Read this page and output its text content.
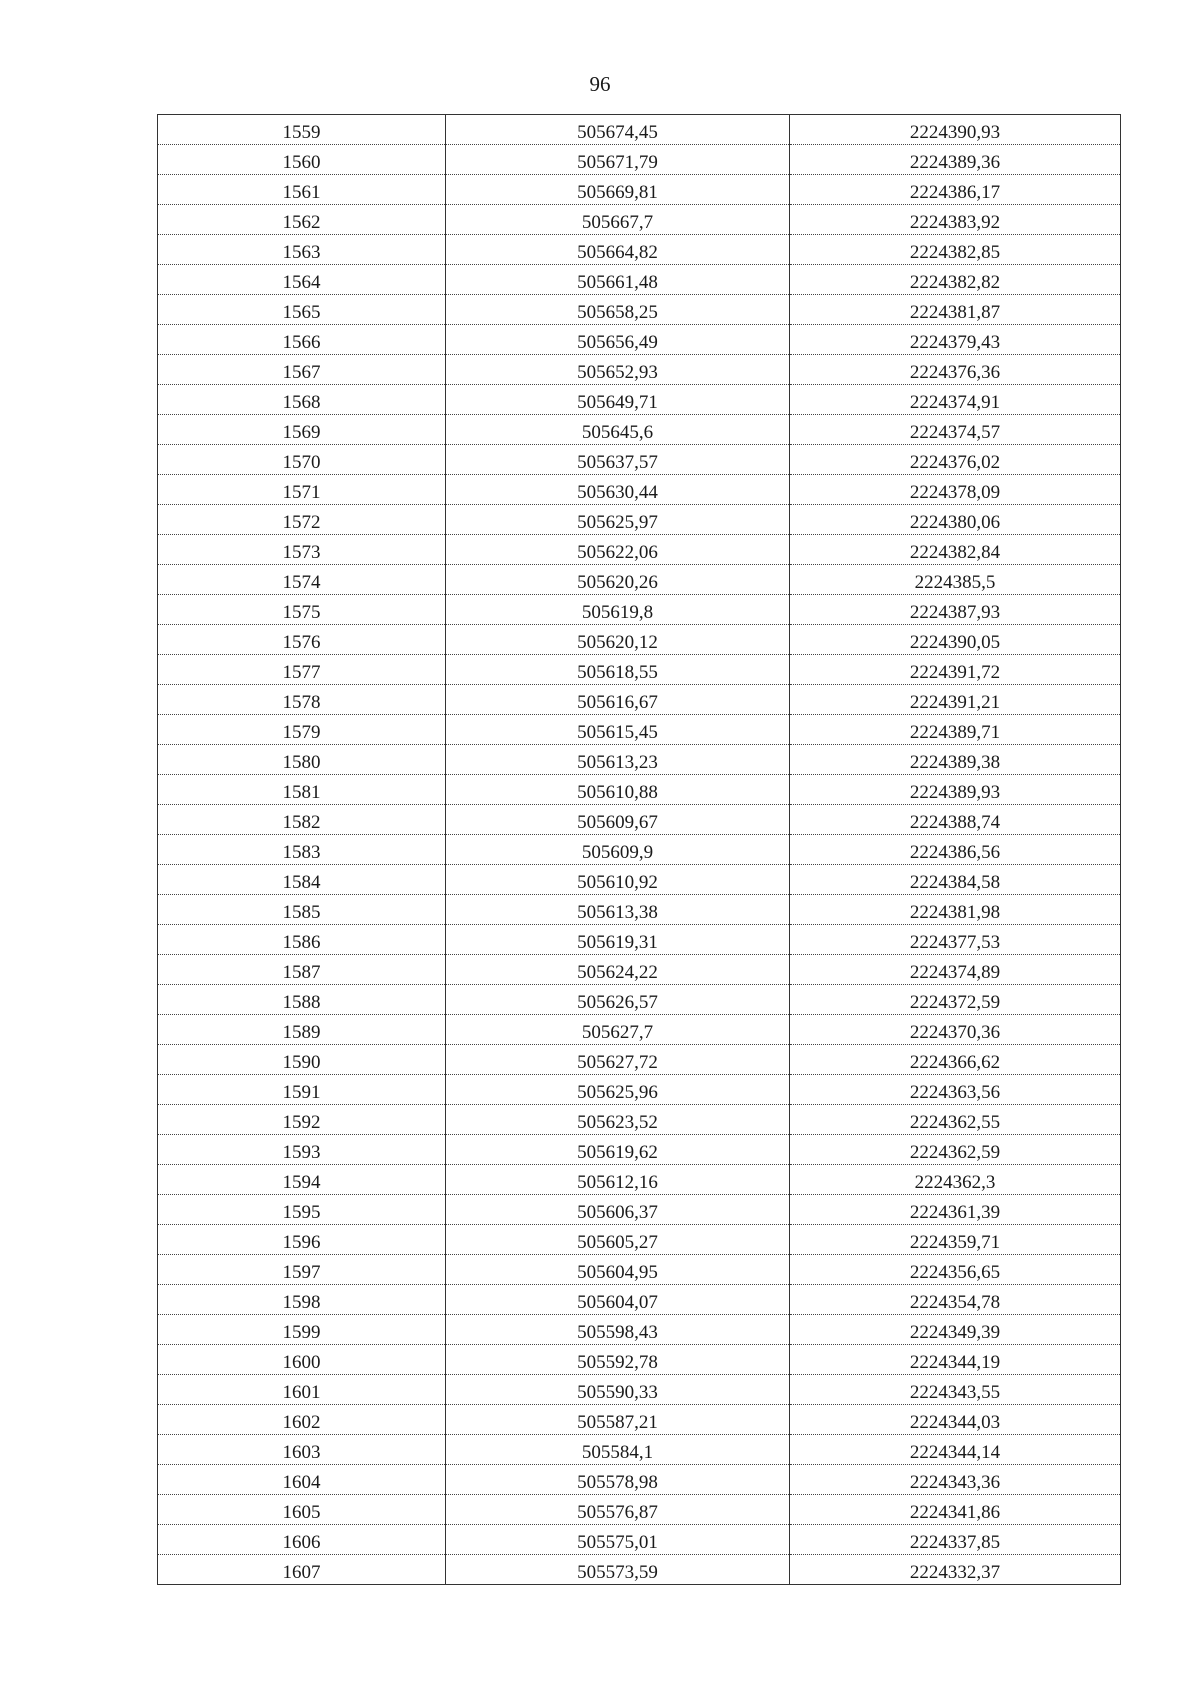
96
1559	505674,45	2224390,93
1560	505671,79	2224389,36
1561	505669,81	2224386,17
1562	505667,7	2224383,92
1563	505664,82	2224382,85
1564	505661,48	2224382,82
1565	505658,25	2224381,87
1566	505656,49	2224379,43
1567	505652,93	2224376,36
1568	505649,71	2224374,91
1569	505645,6	2224374,57
1570	505637,57	2224376,02
1571	505630,44	2224378,09
1572	505625,97	2224380,06
1573	505622,06	2224382,84
1574	505620,26	2224385,5
1575	505619,8	2224387,93
1576	505620,12	2224390,05
1577	505618,55	2224391,72
1578	505616,67	2224391,21
1579	505615,45	2224389,71
1580	505613,23	2224389,38
1581	505610,88	2224389,93
1582	505609,67	2224388,74
1583	505609,9	2224386,56
1584	505610,92	2224384,58
1585	505613,38	2224381,98
1586	505619,31	2224377,53
1587	505624,22	2224374,89
1588	505626,57	2224372,59
1589	505627,7	2224370,36
1590	505627,72	2224366,62
1591	505625,96	2224363,56
1592	505623,52	2224362,55
1593	505619,62	2224362,59
1594	505612,16	2224362,3
1595	505606,37	2224361,39
1596	505605,27	2224359,71
1597	505604,95	2224356,65
1598	505604,07	2224354,78
1599	505598,43	2224349,39
1600	505592,78	2224344,19
1601	505590,33	2224343,55
1602	505587,21	2224344,03
1603	505584,1	2224344,14
1604	505578,98	2224343,36
1605	505576,87	2224341,86
1606	505575,01	2224337,85
1607	505573,59	2224332,37
